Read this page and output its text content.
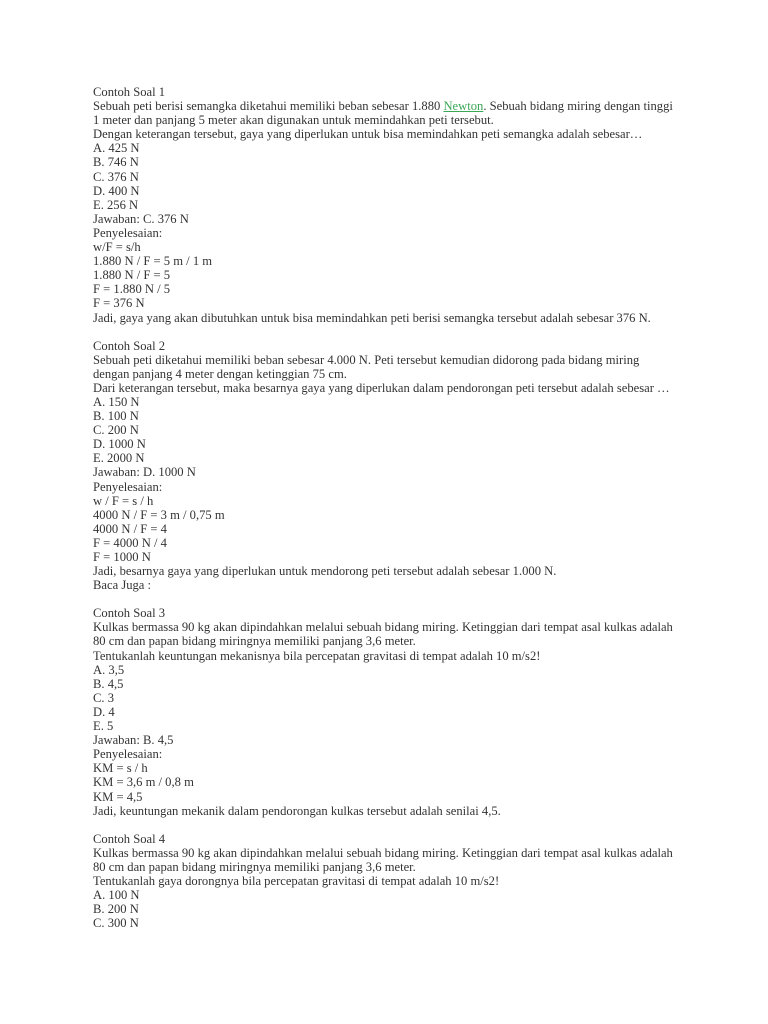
Contoh Soal 1
Sebuah peti berisi semangka diketahui memiliki beban sebesar 1.880 Newton. Sebuah bidang miring dengan tinggi 1 meter dan panjang 5 meter akan digunakan untuk memindahkan peti tersebut.
Dengan keterangan tersebut, gaya yang diperlukan untuk bisa memindahkan peti semangka adalah sebesar…
A. 425 N
B. 746 N
C. 376 N
D. 400 N
E. 256 N
Jawaban: C. 376 N
Penyelesaian:
w/F = s/h
1.880 N / F = 5 m / 1 m
1.880 N / F = 5
F = 1.880 N / 5
F = 376 N
Jadi, gaya yang akan dibutuhkan untuk bisa memindahkan peti berisi semangka tersebut adalah sebesar 376 N.
Contoh Soal 2
Sebuah peti diketahui memiliki beban sebesar 4.000 N. Peti tersebut kemudian didorong pada bidang miring dengan panjang 4 meter dengan ketinggian 75 cm.
Dari keterangan tersebut, maka besarnya gaya yang diperlukan dalam pendorongan peti tersebut adalah sebesar …
A. 150 N
B. 100 N
C. 200 N
D. 1000 N
E. 2000 N
Jawaban: D. 1000 N
Penyelesaian:
w / F = s / h
4000 N / F = 3 m / 0,75 m
4000 N / F = 4
F = 4000 N / 4
F = 1000 N
Jadi, besarnya gaya yang diperlukan untuk mendorong peti tersebut adalah sebesar 1.000 N.
Baca Juga :
Contoh Soal 3
Kulkas bermassa 90 kg akan dipindahkan melalui sebuah bidang miring. Ketinggian dari tempat asal kulkas adalah 80 cm dan papan bidang miringnya memiliki panjang 3,6 meter.
Tentukanlah keuntungan mekanisnya bila percepatan gravitasi di tempat adalah 10 m/s2!
A. 3,5
B. 4,5
C. 3
D. 4
E. 5
Jawaban: B. 4,5
Penyelesaian:
KM = s / h
KM = 3,6 m / 0,8 m
KM = 4,5
Jadi, keuntungan mekanik dalam pendorongan kulkas tersebut adalah senilai 4,5.
Contoh Soal 4
Kulkas bermassa 90 kg akan dipindahkan melalui sebuah bidang miring. Ketinggian dari tempat asal kulkas adalah 80 cm dan papan bidang miringnya memiliki panjang 3,6 meter.
Tentukanlah gaya dorongnya bila percepatan gravitasi di tempat adalah 10 m/s2!
A. 100 N
B. 200 N
C. 300 N
